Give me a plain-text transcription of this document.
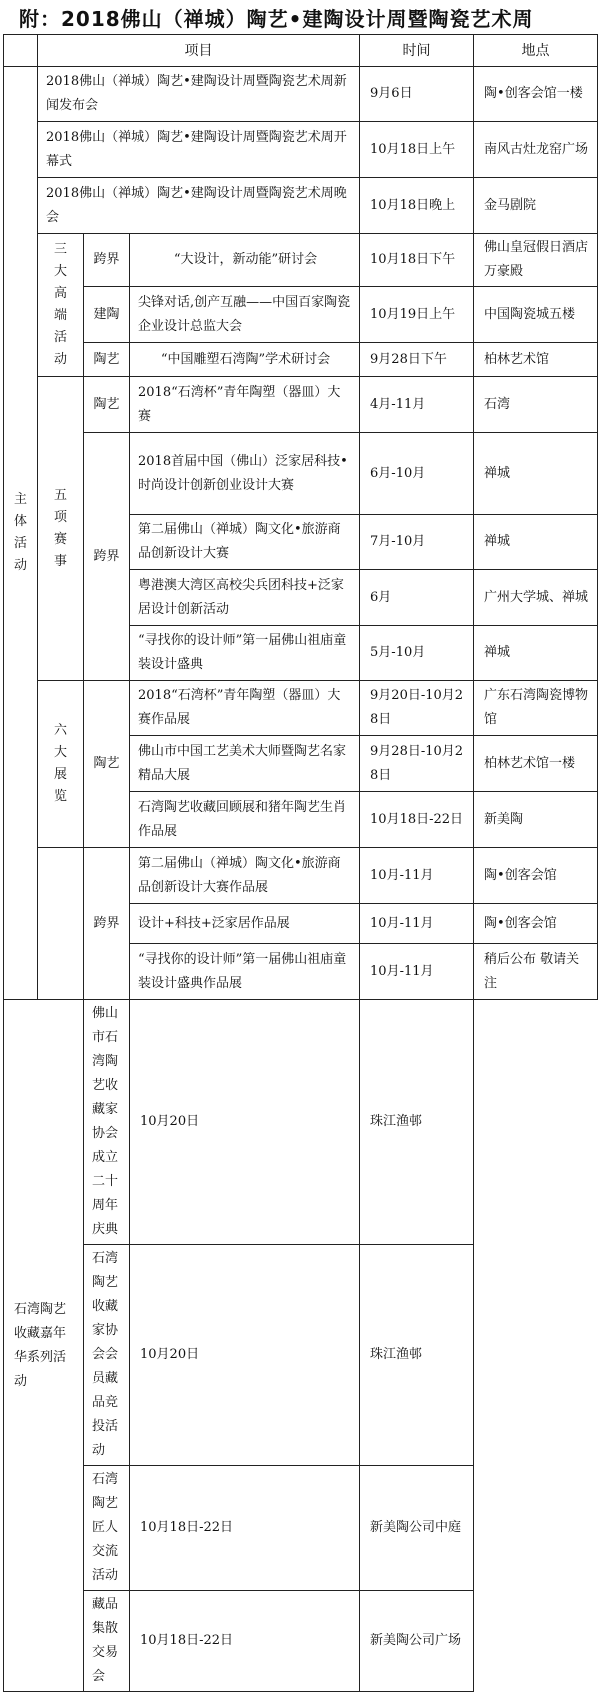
附：2018佛山（禅城）陶艺•建陶设计周暨陶瓷艺术周
	项目			时间	地点
主体活动	2018佛山（禅城）陶艺•建陶设计周暨陶瓷艺术周新闻发布会			9月6日	陶•创客会馆一楼
	2018佛山（禅城）陶艺•建陶设计周暨陶瓷艺术周开幕式			10月18日上午	南风古灶龙窑广场
	2018佛山（禅城）陶艺•建陶设计周暨陶瓷艺术周晚会			10月18日晚上	金马剧院
	三大高端活动	跨界	“大设计，新动能”研讨会	10月18日下午	佛山皇冠假日酒店万豪殿
		建陶	尖锋对话,创产互融——中国百家陶瓷企业设计总监大会	10月19日上午	中国陶瓷城五楼
		陶艺	“中国雕塑石湾陶”学术研讨会	9月28日下午	柏林艺术馆
	五项赛事	陶艺	2018“石湾杯”青年陶塑（器皿）大赛	4月-11月	石湾
		跨界	2018首届中国（佛山）泛家居科技•时尚设计创新创业设计大赛	6月-10月	禅城
			第二届佛山（禅城）陶文化•旅游商品创新设计大赛	7月-10月	禅城
			粤港澳大湾区高校尖兵团科技+泛家居设计创新活动	6月	广州大学城、禅城
			“寻找你的设计师”第一届佛山祖庙童装设计盛典	5月-10月	禅城
	六大展览	陶艺	2018“石湾杯”青年陶塑（器皿）大赛作品展	9月20日-10月28日	广东石湾陶瓷博物馆
			佛山市中国工艺美术大师暨陶艺名家精品大展	9月28日-10月28日	柏林艺术馆一楼
			石湾陶艺收藏回顾展和猪年陶艺生肖作品展	10月18日-22日	新美陶
		跨界	第二届佛山（禅城）陶文化•旅游商品创新设计大赛作品展	10月-11月	陶•创客会馆
			设计+科技+泛家居作品展	10月-11月	陶•创客会馆
			“寻找你的设计师”第一届佛山祖庙童装设计盛典作品展	10月-11月	稍后公布 敬请关注
石湾陶艺收藏嘉年华系列活动		佛山市石湾陶艺收藏家协会成立二十周年庆典	10月20日	珠江渔邨	
		石湾陶艺收藏家协会会员藏品竞投活动	10月20日	珠江渔邨	
		石湾陶艺匠人交流活动	10月18日-22日	新美陶公司中庭	
		藏品集散交易会	10月18日-22日	新美陶公司广场	
